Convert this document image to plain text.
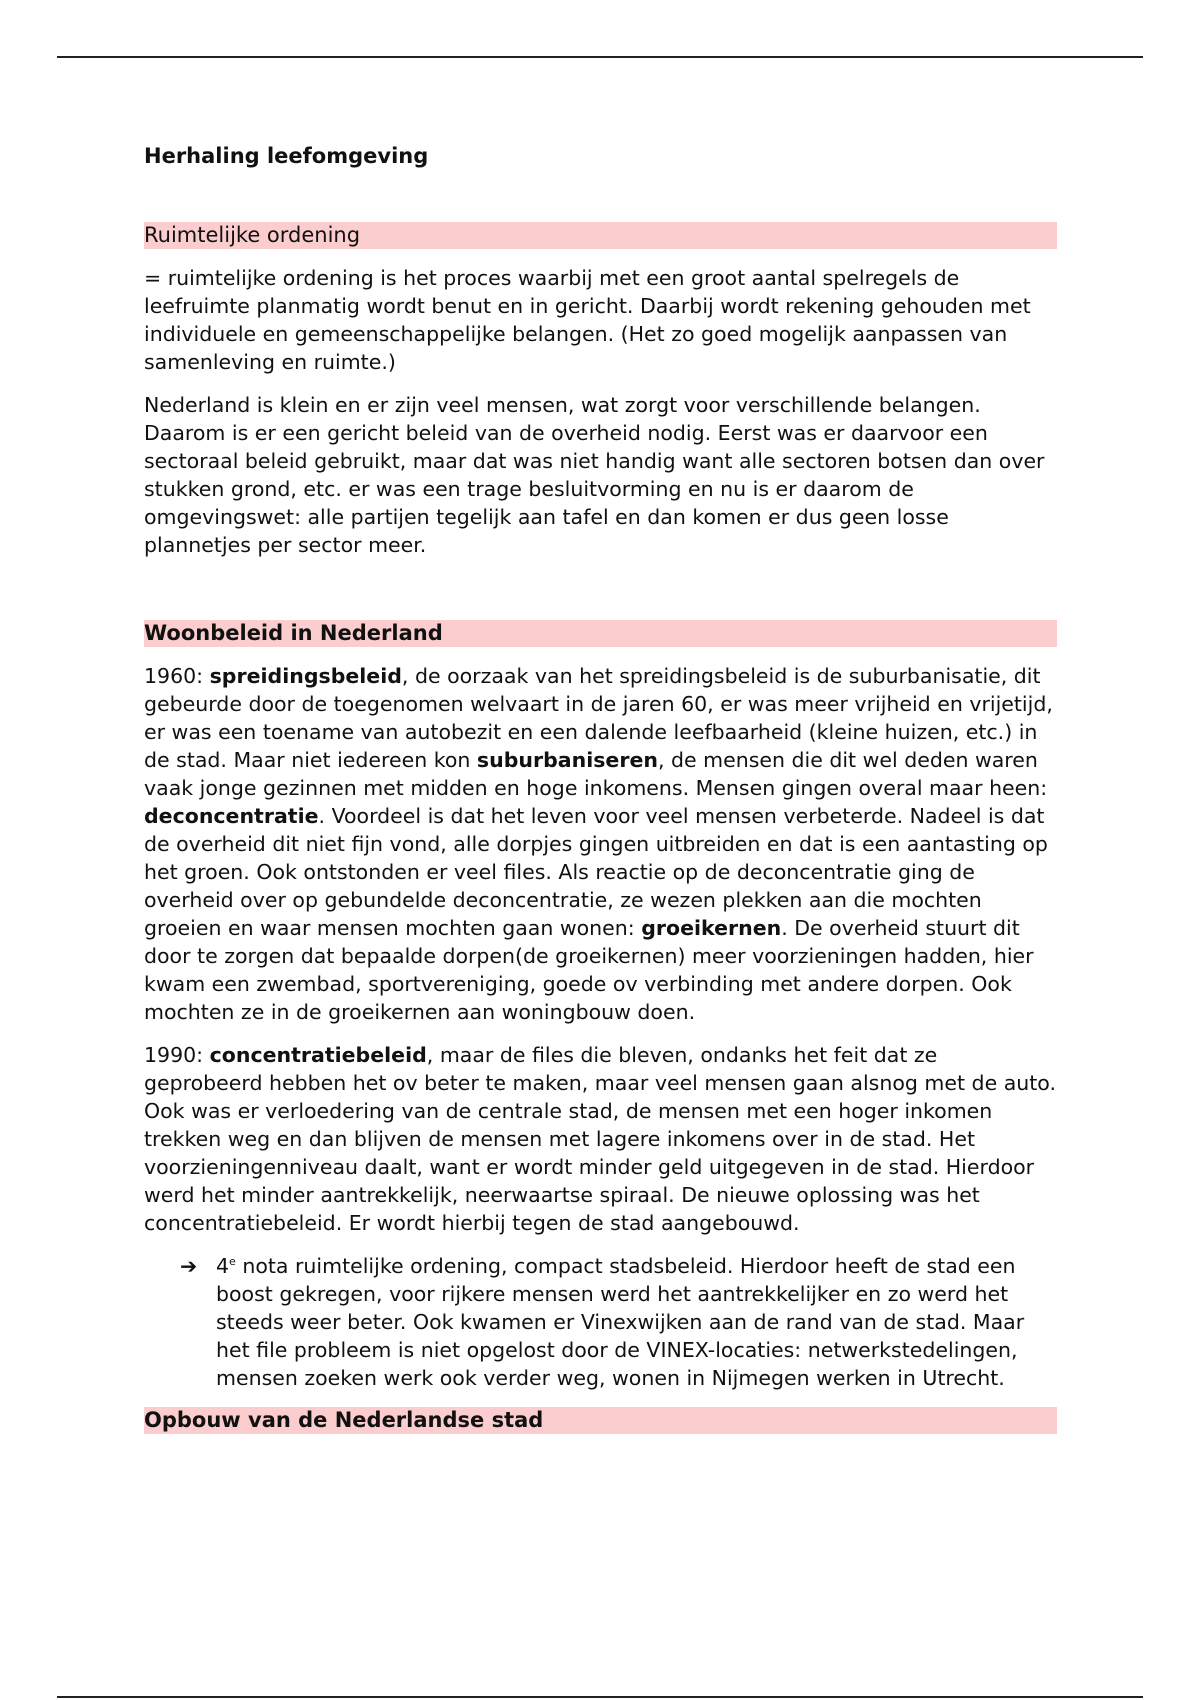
Herhaling leefomgeving
Ruimtelijke ordening

= ruimtelijke ordening is het proces waarbij met een groot aantal spelregels de leefruimte planmatig wordt benut en in gericht. Daarbij wordt rekening gehouden met individuele en gemeenschappelijke belangen. (Het zo goed mogelijk aanpassen van samenleving en ruimte.)

Nederland is klein en er zijn veel mensen, wat zorgt voor verschillende belangen. Daarom is er een gericht beleid van de overheid nodig. Eerst was er daarvoor een sectoraal beleid gebruikt, maar dat was niet handig want alle sectoren botsen dan over stukken grond, etc. er was een trage besluitvorming en nu is er daarom de omgevingswet: alle partijen tegelijk aan tafel en dan komen er dus geen losse plannetjes per sector meer.

Woonbeleid in Nederland

1960: spreidingsbeleid, de oorzaak van het spreidingsbeleid is de suburbanisatie, dit gebeurde door de toegenomen welvaart in de jaren 60, er was meer vrijheid en vrijetijd, er was een toename van autobezit en een dalende leefbaarheid (kleine huizen, etc.) in de stad. Maar niet iedereen kon suburbaniseren, de mensen die dit wel deden waren vaak jonge gezinnen met midden en hoge inkomens. Mensen gingen overal maar heen: deconcentratie. Voordeel is dat het leven voor veel mensen verbeterde. Nadeel is dat de overheid dit niet fijn vond, alle dorpjes gingen uitbreiden en dat is een aantasting op het groen. Ook ontstonden er veel files. Als reactie op de deconcentratie ging de overheid over op gebundelde deconcentratie, ze wezen plekken aan die mochten groeien en waar mensen mochten gaan wonen: groeikernen. De overheid stuurt dit door te zorgen dat bepaalde dorpen(de groeikernen) meer voorzieningen hadden, hier kwam een zwembad, sportvereniging, goede ov verbinding met andere dorpen. Ook mochten ze in de groeikernen aan woningbouw doen.

1990: concentratiebeleid, maar de files die bleven, ondanks het feit dat ze geprobeerd hebben het ov beter te maken, maar veel mensen gaan alsnog met de auto. Ook was er verloedering van de centrale stad, de mensen met een hoger inkomen trekken weg en dan blijven de mensen met lagere inkomens over in de stad. Het voorzieningenniveau daalt, want er wordt minder geld uitgegeven in de stad. Hierdoor werd het minder aantrekkelijk, neerwaartse spiraal. De nieuwe oplossing was het concentratiebeleid. Er wordt hierbij tegen de stad aangebouwd.

➔ 4e nota ruimtelijke ordening, compact stadsbeleid. Hierdoor heeft de stad een boost gekregen, voor rijkere mensen werd het aantrekkelijker en zo werd het steeds weer beter. Ook kwamen er Vinexwijken aan de rand van de stad. Maar het file probleem is niet opgelost door de VINEX-locaties: netwerkstedelingen, mensen zoeken werk ook verder weg, wonen in Nijmegen werken in Utrecht.
Opbouw van de Nederlandse stad
